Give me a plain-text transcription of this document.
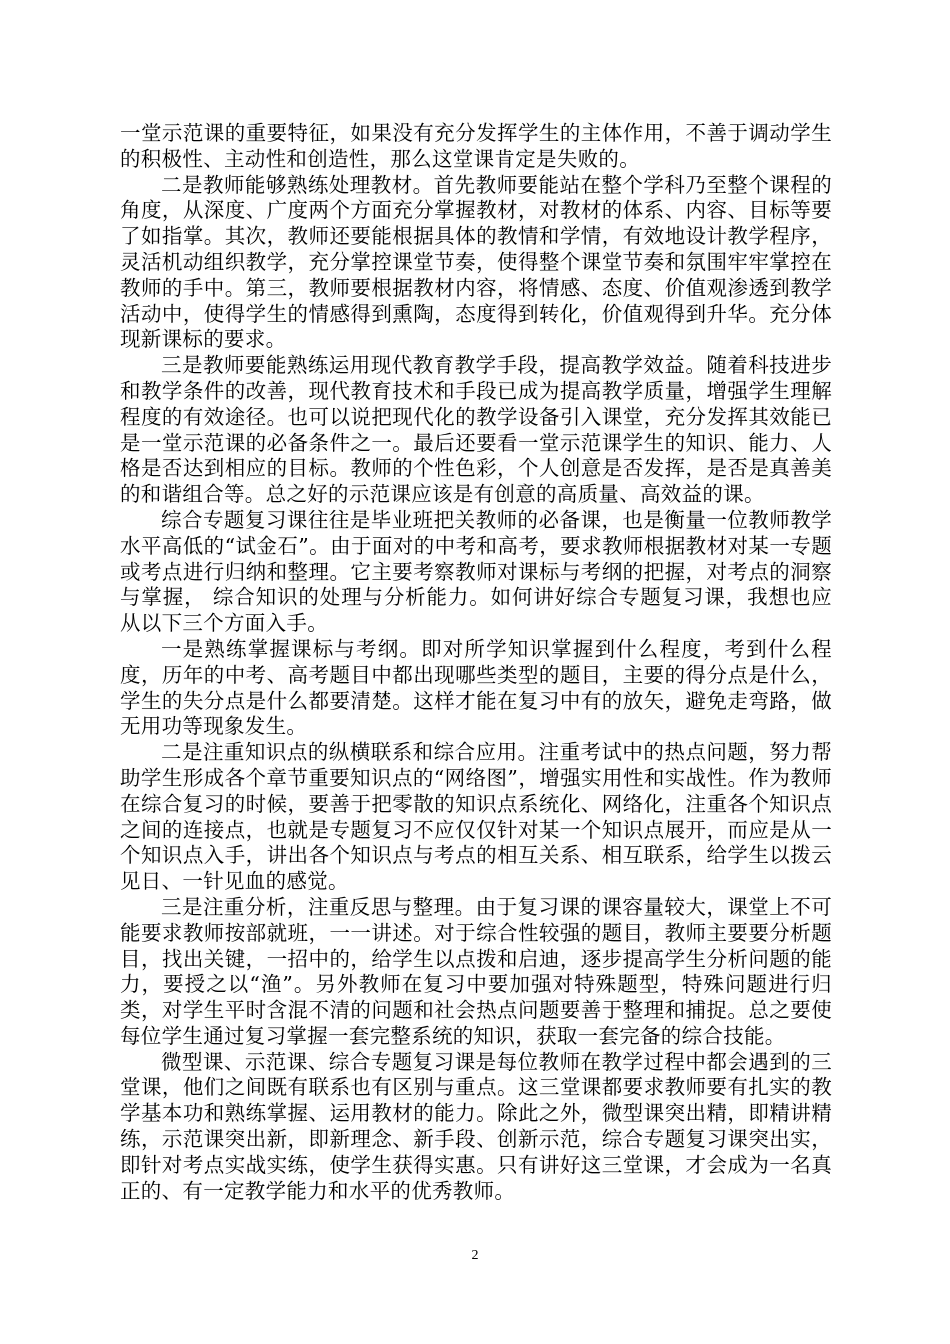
一堂示范课的重要特征，如果没有充分发挥学生的主体作用，不善于调动学生的积极性、主动性和创造性，那么这堂课肯定是失败的。

二是教师能够熟练处理教材。首先教师要能站在整个学科乃至整个课程的角度，从深度、广度两个方面充分掌握教材，对教材的体系、内容、目标等要了如指掌。其次，教师还要能根据具体的教情和学情，有效地设计教学程序，灵活机动组织教学，充分掌控课堂节奏，使得整个课堂节奏和氛围牢牢掌控在教师的手中。第三，教师要根据教材内容，将情感、态度、价值观渗透到教学活动中，使得学生的情感得到熏陶，态度得到转化，价值观得到升华。充分体现新课标的要求。

三是教师要能熟练运用现代教育教学手段，提高教学效益。随着科技进步和教学条件的改善，现代教育技术和手段已成为提高教学质量，增强学生理解程度的有效途径。也可以说把现代化的教学设备引入课堂，充分发挥其效能已是一堂示范课的必备条件之一。最后还要看一堂示范课学生的知识、能力、人格是否达到相应的目标。教师的个性色彩，个人创意是否发挥，是否是真善美的和谐组合等。总之好的示范课应该是有创意的高质量、高效益的课。

综合专题复习课往往是毕业班把关教师的必备课，也是衡量一位教师教学水平高低的“试金石”。由于面对的中考和高考，要求教师根据教材对某一专题或考点进行归纳和整理。它主要考察教师对课标与考纲的把握，对考点的洞察与掌握， 综合知识的处理与分析能力。如何讲好综合专题复习课，我想也应从以下三个方面入手。

一是熟练掌握课标与考纲。即对所学知识掌握到什么程度，考到什么程度，历年的中考、高考题目中都出现哪些类型的题目，主要的得分点是什么，学生的失分点是什么都要清楚。这样才能在复习中有的放矢，避免走弯路，做无用功等现象发生。

二是注重知识点的纵横联系和综合应用。注重考试中的热点问题，努力帮助学生形成各个章节重要知识点的“网络图”，增强实用性和实战性。作为教师在综合复习的时候，要善于把零散的知识点系统化、网络化，注重各个知识点之间的连接点，也就是专题复习不应仅仅针对某一个知识点展开，而应是从一个知识点入手，讲出各个知识点与考点的相互关系、相互联系，给学生以拨云见日、一针见血的感觉。

三是注重分析，注重反思与整理。由于复习课的课容量较大，课堂上不可能要求教师按部就班，一一讲述。对于综合性较强的题目，教师主要要分析题目，找出关键，一招中的，给学生以点拨和启迪，逐步提高学生分析问题的能力，要授之以“渔”。另外教师在复习中要加强对特殊题型，特殊问题进行归类，对学生平时含混不清的问题和社会热点问题要善于整理和捕捉。总之要使每位学生通过复习掌握一套完整系统的知识，获取一套完备的综合技能。

微型课、示范课、综合专题复习课是每位教师在教学过程中都会遇到的三堂课，他们之间既有联系也有区别与重点。这三堂课都要求教师要有扎实的教学基本功和熟练掌握、运用教材的能力。除此之外，微型课突出精，即精讲精练，示范课突出新，即新理念、新手段、创新示范，综合专题复习课突出实，即针对考点实战实练，使学生获得实惠。只有讲好这三堂课，才会成为一名真正的、有一定教学能力和水平的优秀教师。

2
